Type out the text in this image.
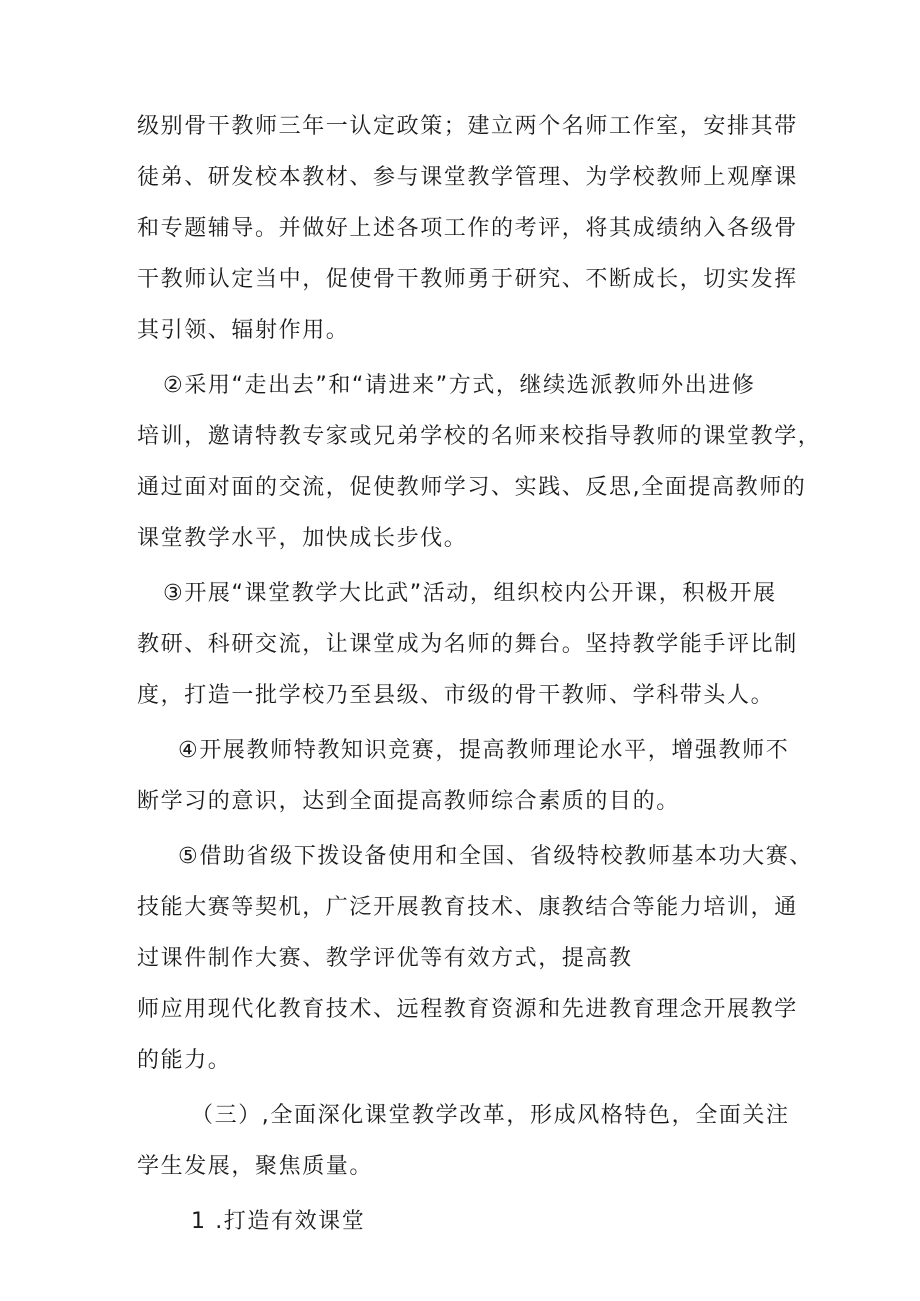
级别骨干教师三年一认定政策；建立两个名师工作室，安排其带
徒弟、研发校本教材、参与课堂教学管理、为学校教师上观摩课
和专题辅导。并做好上述各项工作的考评，将其成绩纳入各级骨
干教师认定当中，促使骨干教师勇于研究、不断成长，切实发挥
其引领、辐射作用。
②采用“走出去”和“请进来”方式，继续选派教师外出进修
培训，邀请特教专家或兄弟学校的名师来校指导教师的课堂教学，
通过面对面的交流，促使教师学习、实践、反思,全面提高教师的
课堂教学水平，加快成长步伐。
③开展“课堂教学大比武”活动，组织校内公开课，积极开展
教研、科研交流，让课堂成为名师的舞台。坚持教学能手评比制
度，打造一批学校乃至县级、市级的骨干教师、学科带头人。
④开展教师特教知识竞赛，提高教师理论水平，增强教师不
断学习的意识，达到全面提高教师综合素质的目的。
⑤借助省级下拨设备使用和全国、省级特校教师基本功大赛、
技能大赛等契机，广泛开展教育技术、康教结合等能力培训，通
过课件制作大赛、教学评优等有效方式，提高教
师应用现代化教育技术、远程教育资源和先进教育理念开展教学
的能力。
（三）,全面深化课堂教学改革，形成风格特色，全面关注
学生发展，聚焦质量。
1 .打造有效课堂
